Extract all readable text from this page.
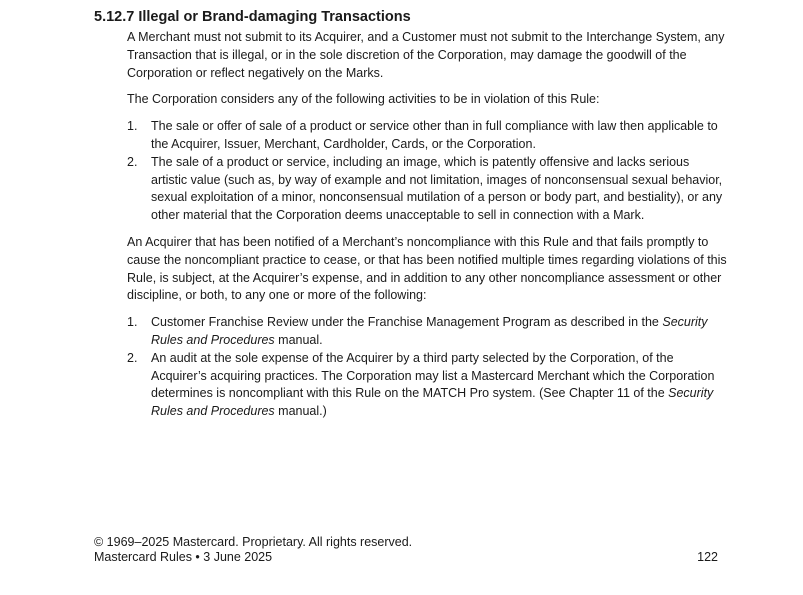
5.12.7 Illegal or Brand-damaging Transactions

A Merchant must not submit to its Acquirer, and a Customer must not submit to the Interchange System, any Transaction that is illegal, or in the sole discretion of the Corporation, may damage the goodwill of the Corporation or reflect negatively on the Marks.

The Corporation considers any of the following activities to be in violation of this Rule:

1. The sale or offer of sale of a product or service other than in full compliance with law then applicable to the Acquirer, Issuer, Merchant, Cardholder, Cards, or the Corporation.
2. The sale of a product or service, including an image, which is patently offensive and lacks serious artistic value (such as, by way of example and not limitation, images of nonconsensual sexual behavior, sexual exploitation of a minor, nonconsensual mutilation of a person or body part, and bestiality), or any other material that the Corporation deems unacceptable to sell in connection with a Mark.

An Acquirer that has been notified of a Merchant’s noncompliance with this Rule and that fails promptly to cause the noncompliant practice to cease, or that has been notified multiple times regarding violations of this Rule, is subject, at the Acquirer’s expense, and in addition to any other noncompliance assessment or other discipline, or both, to any one or more of the following:

1. Customer Franchise Review under the Franchise Management Program as described in the Security Rules and Procedures manual.
2. An audit at the sole expense of the Acquirer by a third party selected by the Corporation, of the Acquirer’s acquiring practices. The Corporation may list a Mastercard Merchant which the Corporation determines is noncompliant with this Rule on the MATCH Pro system. (See Chapter 11 of the Security Rules and Procedures manual.)
© 1969–2025 Mastercard. Proprietary. All rights reserved.
Mastercard Rules • 3 June 2025	122
